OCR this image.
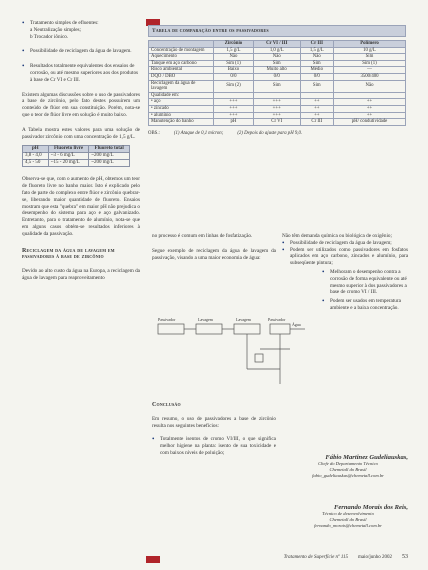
• Tratamento simples de efluentes:
a Neutralização simples;
b Trocador iônico.
• Possibilidade de reciclagem da água de lavagem.
• Resultados totalmente equivalentes dos ensaios de corrosão, ou até mesmo superiores aos dos produtos à base de Cr VI e Cr III.

Existem algumas discussões sobre o uso de passivadores a base de zircônio, pelo fato destes possuírem um conteúdo de flúor em sua constituição. Porém, nota-se que o teor de flúor livre em solução é muito baixo.

A Tabela mostra estes valores para uma solução de passivador zircônio com uma concentração de 1,5 g/L.

pH	Fluoreto livre	Fluoreto total
3,8 - 4,0	~3 - 6 mg/L	~200 mg/L
4,5 - 50	~15 - 20 mg/L	~200 mg/L

Observa-se que, com o aumento de pH, obtemos um teor de fluoreto livre no banho maior. Isto é explicado pelo fato de parte do complexo entre flúor e zircônio quebrar-se, liberando maior quantidade de fluoreto. Ensaios mostram que esta "quebra" em maior pH não prejudica o desempenho do sistema para aço e aço galvanizado. Entretanto, para o tratamento de alumínio, nota-se que em alguns casos obtém-se resultados inferiores à qualidade da passivação.

Reciclagem da água de lavagem em passivadores à base de zircônio

Devido ao alto custo da água na Europa, a reciclagem da água de lavagem para reaproveitamento

Tabela de comparação entre os passivadores
	Zircônio	Cr VI / III	Cr III	Polímero
Concentração de montagem	1,5 g/L	1,0 g/L	1,5 g/L	10 g/L
Aquecimento	Não	Não	Não	Sim
Tanque em aço carbono	Sim (1)	Sim	Sim	Sim (1)
Risco ambiental	Baixo	Muito alto	Médio	—
DQO / DBO	0/0	0/0	0/0	3500/400
Reciclagem da água de lavagem	Sim (2)	Sim	Sim	Não
Qualidade em:				
• aço	+++	+++	++	++
• zincado	+++	+++	++	++
• alumínio	+++	+++	++	++
Manutenção do banho	pH	Cr VI	Cr III	pH/ condutividade
OBS.:	(1) Ataque de 0,1 mícron;	(2) Depois do ajuste para pH 9,0.

no processo é comum em linhas de fosfatização.

Segue exemplo de reciclagem da água de lavagem da passivação, visando a uma maior economia de água:

Passivador	Lavagem	Lavagem	Passivador
Água
Conclusão

Em resumo, o uso de passivadores a base de zircônio resulta nos seguintes benefícios:

• Totalmente isentos de cromo VI/III, o que significa melhor higiene na planta: isento de sua toxicidade e com baixos níveis de poluição;

Não têm demanda química ou biológica de oxigênio;

• Possibilidade de reciclagem da água de lavagem;
• Podem ser utilizados como passivadores em fosfatos aplicados em aço carbono, zincados e alumínio, para subseqüente pintura;
• Melhoram o desempenho contra a corrosão de forma equivalente ou até mesmo superior à dos passivadores a base de cromo VI / III.
• Podem ser usados em temperatura ambiente e a baixa concentração.
Fábio Martinez Gudeliauskas,
Chefe do Departamento Técnico
Chemetall do Brasil
fabio_gudeliauskas@chemetall.com.br
Fernando Morais dos Reis,
Técnico de desenvolvimento
Chemetall do Brasil
fernando_morais@chemetall.com.br
Tratamento de Superfície nº 115 maio/junho 2002 53
